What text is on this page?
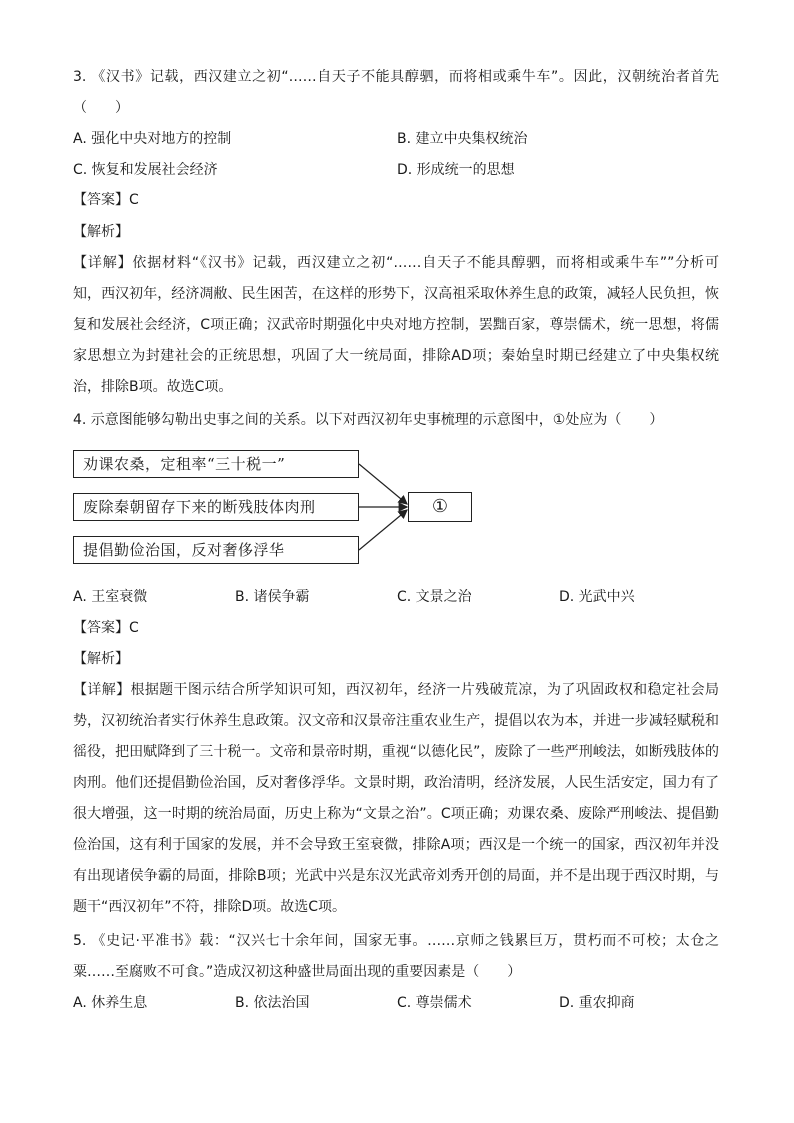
3. 《汉书》记载，西汉建立之初“……自天子不能具醇驷，而将相或乘牛车”。因此，汉朝统治者首先

（　　）

A. 强化中央对地方的控制	B. 建立中央集权统治
C. 恢复和发展社会经济	D. 形成统一的思想

【答案】C

【解析】

【详解】依据材料“《汉书》记载，西汉建立之初“……自天子不能具醇驷，而将相或乘牛车””分析可

知，西汉初年，经济凋敝、民生困苦，在这样的形势下，汉高祖采取休养生息的政策，减轻人民负担，恢

复和发展社会经济，C项正确；汉武帝时期强化中央对地方控制，罢黜百家，尊崇儒术，统一思想，将儒

家思想立为封建社会的正统思想，巩固了大一统局面，排除AD项；秦始皇时期已经建立了中央集权统

治，排除B项。故选C项。

4. 示意图能够勾勒出史事之间的关系。以下对西汉初年史事梳理的示意图中，①处应为（　　）

劝课农桑，定租率“三十税一”
废除秦朝留存下来的断残肢体肉刑
提倡勤俭治国，反对奢侈浮华
①
A. 王室衰微	B. 诸侯争霸	C. 文景之治	D. 光武中兴

【答案】C

【解析】

【详解】根据题干图示结合所学知识可知，西汉初年，经济一片残破荒凉，为了巩固政权和稳定社会局

势，汉初统治者实行休养生息政策。汉文帝和汉景帝注重农业生产，提倡以农为本，并进一步减轻赋税和

徭役，把田赋降到了三十税一。文帝和景帝时期，重视“以德化民”，废除了一些严刑峻法，如断残肢体的

肉刑。他们还提倡勤俭治国，反对奢侈浮华。文景时期，政治清明，经济发展，人民生活安定，国力有了

很大增强，这一时期的统治局面，历史上称为“文景之治”。C项正确；劝课农桑、废除严刑峻法、提倡勤

俭治国，这有利于国家的发展，并不会导致王室衰微，排除A项；西汉是一个统一的国家，西汉初年并没

有出现诸侯争霸的局面，排除B项；光武中兴是东汉光武帝刘秀开创的局面，并不是出现于西汉时期，与

题干“西汉初年”不符，排除D项。故选C项。

5. 《史记·平准书》载：“汉兴七十余年间，国家无事。……京师之钱累巨万，贯朽而不可校；太仓之

粟……至腐败不可食。”造成汉初这种盛世局面出现的重要因素是（　　）

A. 休养生息	B. 依法治国	C. 尊崇儒术	D. 重农抑商
